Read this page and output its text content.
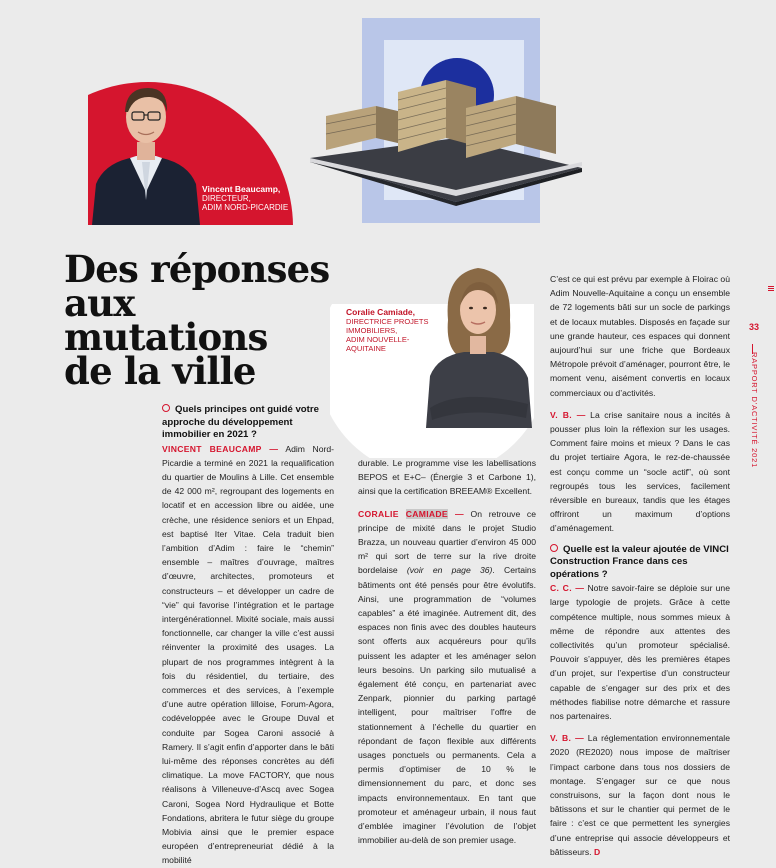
Vincent Beaucamp,
DIRECTEUR,
ADIM NORD-PICARDIE
Des réponses
aux mutations
de la ville
Coralie Camiade,
DIRECTRICE PROJETS
IMMOBILIERS,
ADIM NOUVELLE-AQUITAINE

Quels principes ont guidé votre approche du développement immobilier en 2021 ?

VINCENT BEAUCAMP — Adim Nord-Picardie a terminé en 2021 la requalification du quartier de Moulins à Lille. Cet ensemble de 42 000 m², regroupant des logements en locatif et en accession libre ou aidée, une crèche, une résidence seniors et un Ehpad, est baptisé Iter Vitae. Cela traduit bien l’ambition d’Adim : faire le “chemin” ensemble – maîtres d’ouvrage, maîtres d’œuvre, architectes, promoteurs et constructeurs – et développer un cadre de “vie” qui favorise l’intégration et le partage intergénérationnel. Mixité sociale, mais aussi fonctionnelle, car changer la ville c’est aussi réinventer la proximité des usages. La plupart de nos programmes intègrent à la fois du résidentiel, du tertiaire, des commerces et des services, à l’exemple d’une autre opération lilloise, Forum-Agora, codéveloppée avec le Groupe Duval et conduite par Sogea Caroni associé à Ramery. Il s’agit enfin d’apporter dans le bâti lui-même des réponses concrètes au défi climatique. La move FACTORY, que nous réalisons à Villeneuve-d’Ascq avec Sogea Caroni, Sogea Nord Hydraulique et Botte Fondations, abritera le futur siège du groupe Mobivia ainsi que le premier espace européen d’entrepreneuriat dédié à la mobilité

durable. Le programme vise les labellisations BEPOS et E+C– (Énergie 3 et Carbone 1), ainsi que la certification BREEAM® Excellent.

CORALIE CAMIADE — On retrouve ce principe de mixité dans le projet Studio Brazza, un nouveau quartier d’environ 45 000 m² qui sort de terre sur la rive droite bordelaise (voir en page 36). Certains bâtiments ont été pensés pour être évolutifs. Ainsi, une programmation de “volumes capables” a été imaginée. Autrement dit, des espaces non finis avec des doubles hauteurs sont offerts aux acquéreurs pour qu’ils puissent les adapter et les aménager selon leurs besoins. Un parking silo mutualisé a également été conçu, en partenariat avec Zenpark, pionnier du parking partagé intelligent, pour maîtriser l’offre de stationnement à l’échelle du quartier en répondant de façon flexible aux différents usages ponctuels ou permanents. Cela a permis d’optimiser de 10 % le dimensionnement du parc, et donc ses impacts environnementaux. En tant que promoteur et aménageur urbain, il nous faut d’emblée imaginer l’évolution de l’objet immobilier au-delà de son premier usage.

C’est ce qui est prévu par exemple à Floirac où Adim Nouvelle-Aquitaine a conçu un ensemble de 72 logements bâti sur un socle de parkings et de locaux mutables. Disposés en façade sur une grande hauteur, ces espaces qui donnent aujourd’hui sur une friche que Bordeaux Métropole prévoit d’aménager, pourront être, le moment venu, aisément convertis en locaux commerciaux ou d’activités.

V. B. — La crise sanitaire nous a incités à pousser plus loin la réflexion sur les usages. Comment faire moins et mieux ? Dans le cas du projet tertiaire Agora, le rez-de-chaussée est conçu comme un “socle actif”, où sont regroupés tous les services, facilement réversible en bureaux, tandis que les étages offriront un maximum d’options d’aménagement.

Quelle est la valeur ajoutée de VINCI Construction France dans ces opérations ?

C. C. — Notre savoir-faire se déploie sur une large typologie de projets. Grâce à cette compétence multiple, nous sommes mieux à même de répondre aux attentes des collectivités qu’un promoteur spécialisé. Pouvoir s’appuyer, dès les premières étapes d’un projet, sur l’expertise d’un constructeur capable de s’engager sur des prix et des méthodes fiabilise notre démarche et rassure nos partenaires.

V. B. — La réglementation environnementale 2020 (RE2020) nous impose de maîtriser l’impact carbone dans tous nos dossiers de montage. S’engager sur ce que nous construisons, sur la façon dont nous le bâtissons et sur le chantier qui permet de le faire : c’est ce que permettent les synergies d’une entreprise qui associe développeurs et bâtisseurs. D

33
RAPPORT D’ACTIVITÉ 2021
